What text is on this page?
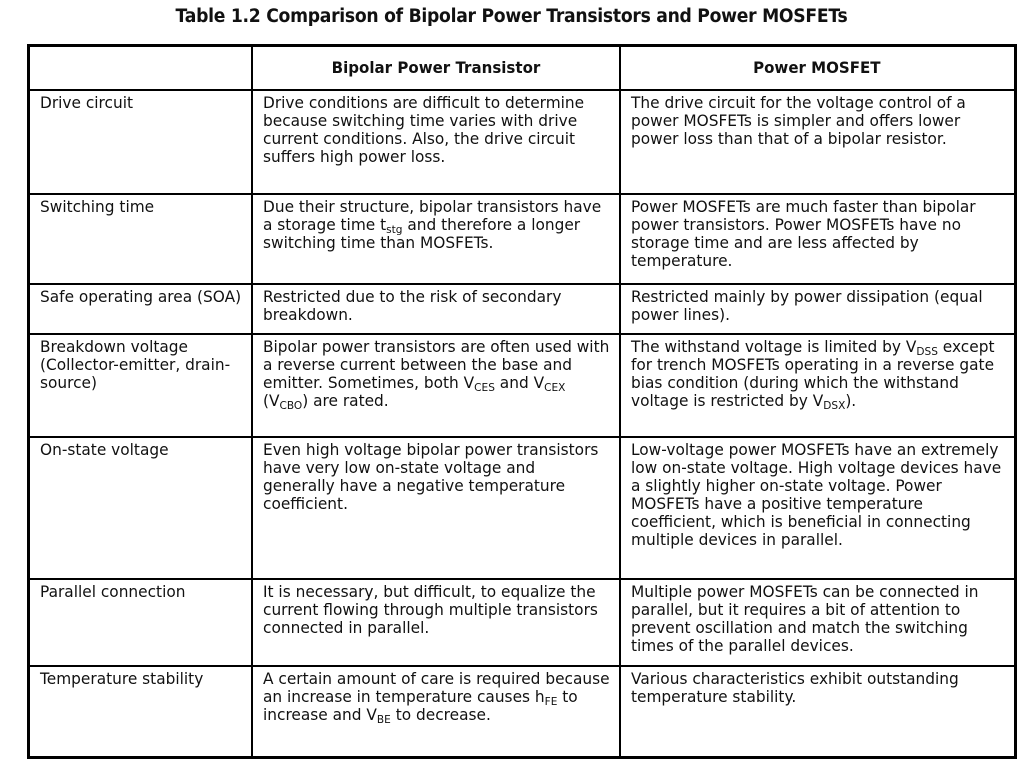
Table 1.2 Comparison of Bipolar Power Transistors and Power MOSFETs
	Bipolar Power Transistor	Power MOSFET

Drive circuit	Drive conditions are difficult to determine because switching time varies with drive current conditions. Also, the drive circuit suffers high power loss.	The drive circuit for the voltage control of a power MOSFETs is simpler and offers lower power loss than that of a bipolar resistor.

Switching time	Due their structure, bipolar transistors have a storage time $t_{stg}$ and therefore a longer switching time than MOSFETs.	Power MOSFETs are much faster than bipolar power transistors. Power MOSFETs have no storage time and are less affected by temperature.

Safe operating area (SOA)	Restricted due to the risk of secondary breakdown.	Restricted mainly by power dissipation (equal power lines).

Breakdown voltage (Collector-emitter, drain-source)	Bipolar power transistors are often used with a reverse current between the base and emitter. Sometimes, both $V_{CES}$ and $V_{CEX}$ $(V_{CBO})$ are rated.	The withstand voltage is limited by $V_{DSS}$ except for trench MOSFETs operating in a reverse gate bias condition (during which the withstand voltage is restricted by $V_{DSX}$).

On-state voltage	Even high voltage bipolar power transistors have very low on-state voltage and generally have a negative temperature coefficient.	Low-voltage power MOSFETs have an extremely low on-state voltage. High voltage devices have a slightly higher on-state voltage. Power MOSFETs have a positive temperature coefficient, which is beneficial in connecting multiple devices in parallel.

Parallel connection	It is necessary, but difficult, to equalize the current flowing through multiple transistors connected in parallel.	Multiple power MOSFETs can be connected in parallel, but it requires a bit of attention to prevent oscillation and match the switching times of the parallel devices.

Temperature stability	A certain amount of care is required because an increase in temperature causes $h_{FE}$ to increase and $V_{BE}$ to decrease.	Various characteristics exhibit outstanding temperature stability.
